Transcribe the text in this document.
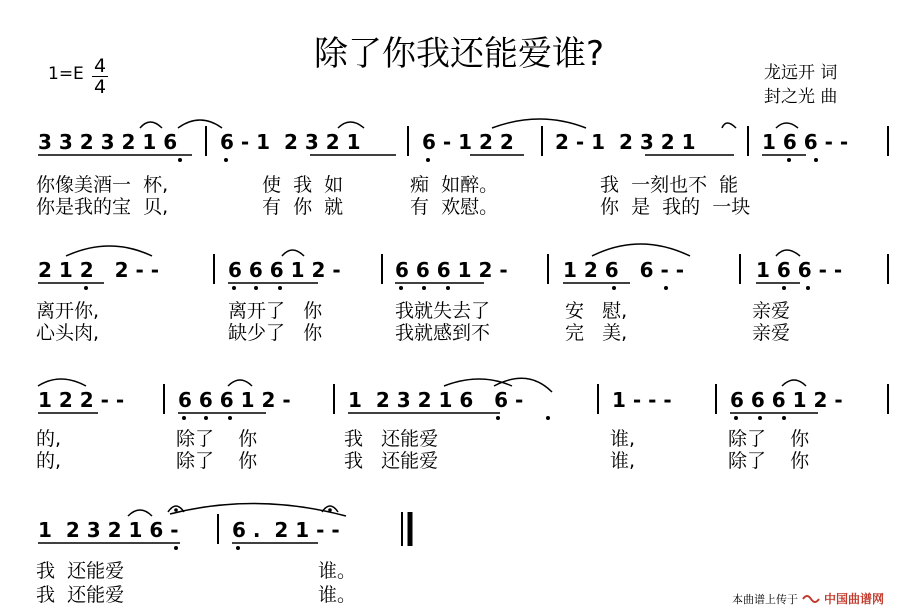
除了你我还能爱谁?
1=E 4
4
龙远开 词
封之光 曲
3 3 2 3 2 1 6 6 - 1  2 3 2 1	6 - 1 2 2 2 - 1  2 3 2 1	1 6 6 - -
你像美酒一  杯,	使  我  如	痴  如醉。	我  一刻也不  能
你是我的宝  贝,	有  你  就	有  欢慰。	你  是  我的  一块
2 1 2   2 - -	6 6 6 1 2 -	6 6 6 1 2 -	1 2 6   6 - -	1 6 6 - -
离开你,	离开了   你	我就失去了	安   慰,	亲爱
心头肉,	缺少了   你	我就感到不	完   美,	亲爱
1 2 2 - -	6 6 6 1 2 -	1  2 3 2 1 6   6 -	1 - - -	6 6 6 1 2 -
的,	除了    你	我   还能爱	谁,	除了    你
的,	除了    你	我   还能爱	谁,	除了    你
1  2 3 2 1 6 -	6 .  2 1 - -
我  还能爱	谁。
我  还能爱	谁。	本曲谱上传于 中国曲谱网
